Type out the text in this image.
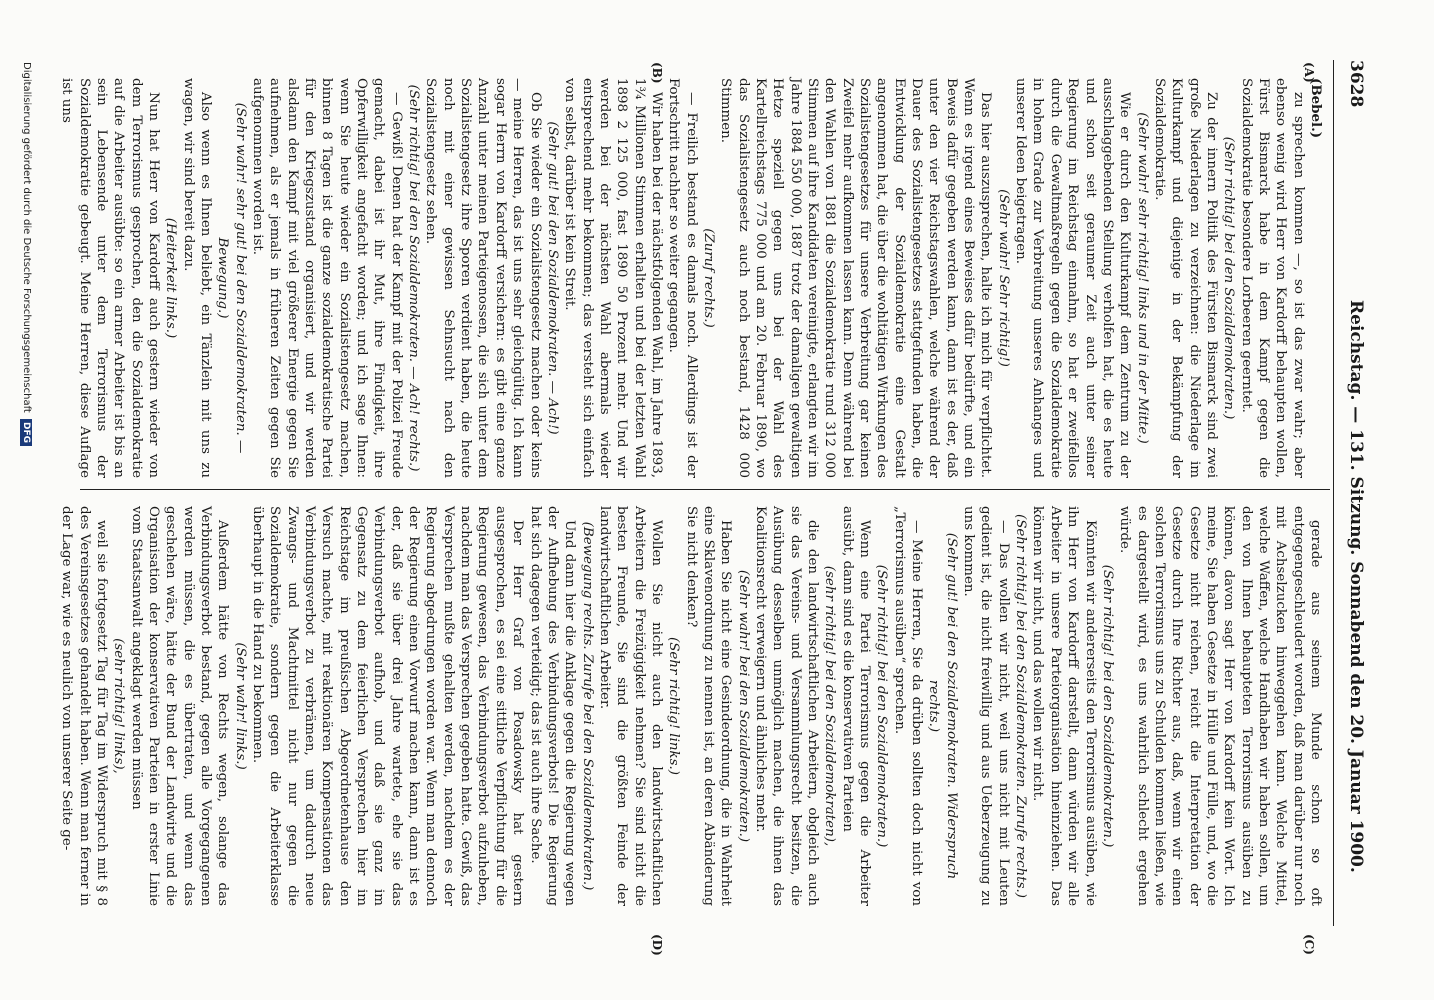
3628
Reichstag. — 131. Sitzung. Sonnabend den 20. Januar 1900.
(A)
(B)
(C)
(D)

(Bebel.)

zu sprechen kommen —, so ist das zwar wahr; aber ebenso wenig wird Herr von Kardorff behaupten wollen, Fürst Bismarck habe in dem Kampf gegen die Sozialdemokratie besondere Lorbeeren geerntet.

(Sehr richtig! bei den Sozialdemokraten.)

Zu der innern Politik des Fürsten Bismarck sind zwei große Niederlagen zu verzeichnen: die Niederlage im Kulturkampf und diejenige in der Bekämpfung der Sozialdemokratie.

(Sehr wahr! sehr richtig! links und in der Mitte.)

Wie er durch den Kulturkampf dem Zentrum zu der ausschlaggebenden Stellung verholfen hat, die es heute und schon seit geraumer Zeit auch unter seiner Regierung im Reichstag einnahm, so hat er zweifellos durch die Gewaltmaßregeln gegen die Sozialdemokratie in hohem Grade zur Verbreitung unseres Anhanges und unserer Ideen beigetragen.

(Sehr wahr! Sehr richtig!)

Das hier auszusprechen, halte ich mich für verpflichtet. Wenn es irgend eines Beweises dafür bedürfte, und ein Beweis dafür gegeben werden kann, dann ist es der, daß unter den vier Reichstagswahlen, welche während der Dauer des Sozialistengesetzes stattgefunden haben, die Entwicklung der Sozialdemokratie eine Gestalt angenommen hat, die über die wohltätigen Wirkungen des Sozialistengesetzes für unsere Verbreitung gar keinen Zweifel mehr aufkommen lassen kann. Denn während bei den Wahlen von 1881 die Sozialdemokratie rund 312 000 Stimmen auf ihre Kandidaten vereinigte, erlangten wir im Jahre 1884 550 000, 1887 trotz der damaligen gewaltigen Hetze speziell gegen uns bei der Wahl des Kartellreichstags 775 000 und am 20. Februar 1890, wo das Sozialistengesetz auch noch bestand, 1428 000 Stimmen.

(Zuruf rechts.)

— Freilich bestand es damals noch. Allerdings ist der Fortschritt nachher so weiter gegangen.

Wir haben bei der nächstfolgenden Wahl, im Jahre 1893, 1¾ Millionen Stimmen erhalten und bei der letzten Wahl 1898 2 125 000, fast 1890 50 Prozent mehr. Und wir werden bei der nächsten Wahl abermals wieder entsprechend mehr bekommen; das versteht sich einfach von selbst, darüber ist kein Streit.

(Sehr gut! bei den Sozialdemokraten. — Ach!)

Ob Sie wieder ein Sozialistengesetz machen oder keins — meine Herren, das ist uns sehr gleichgültig. Ich kann sogar Herrn von Kardorff versichern: es gibt eine ganze Anzahl unter meinen Parteigenossen, die sich unter dem Sozialistengesetz ihre Sporen verdient haben, die heute noch mit einer gewissen Sehnsucht nach den Sozialistengesetz sehen.

(Sehr richtig! bei den Sozialdemokraten. — Ach! rechts.)

— Gewiß! Denen hat der Kampf mit der Polizei Freude gemacht, dabei ist ihr Mut, ihre Findigkeit, ihre Opferwilligkeit angefacht worden; und ich sage Ihnen: wenn Sie heute wieder ein Sozialistengesetz machen, binnen 8 Tagen ist die ganze sozialdemokratische Partei für den Kriegszustand organisiert, und wir werden alsdann den Kampf mit viel größerer Energie gegen Sie aufnehmen, als er jemals in früheren Zeiten gegen Sie aufgenommen worden ist.

(Sehr wahr! sehr gut! bei den Sozialdemokraten. — Bewegung.)

Also wenn es Ihnen beliebt, ein Tänzlein mit uns zu wagen, wir sind bereit dazu.

(Heiterkeit links.)

Nun hat Herr von Kardorff auch gestern wieder von dem Terrorismus gesprochen, den die Sozialdemokratie auf die Arbeiter ausübte: so ein armer Arbeiter ist bis an sein Lebensende unter dem Terrorismus der Sozialdemokratie gebeugt. Meine Herren, diese Auflage ist uns

gerade aus seinem Munde schon so oft entgegengeschleudert worden, daß man darüber nur noch mit Achselzucken hinweggehen kann. Welche Mittel, welche Waffen, welche Handhaben wir haben sollen, um den von Ihnen behaupteten Terrorismus ausüben zu können, davon sagt Herr von Kardorff kein Wort. Ich meine, Sie haben Gesetze in Hülle und Fülle, und, wo die Gesetze nicht reichen, reicht die Interpretation der Gesetze durch Ihre Richter aus, daß, wenn wir einen solchen Terrorismus uns zu Schulden kommen ließen, wie es dargestellt wird, es uns wahrlich schlecht ergehen würde.

(Sehr richtig! bei den Sozialdemokraten.)

Könnten wir andererseits den Terrorismus ausüben, wie ihn Herr von Kardorff darstellt, dann würden wir alle Arbeiter in unsere Parteiorganisation hineinziehen. Das können wir nicht, und das wollen wir nicht.

(Sehr richtig! bei den Sozialdemokraten. Zurufe rechts.)

— Das wollen wir nicht, weil uns nicht mit Leuten gedient ist, die nicht freiwillig und aus Ueberzeugung zu uns kommen.

(Sehr gut! bei den Sozialdemokraten. Widerspruch rechts.)

— Meine Herren, Sie da drüben sollten doch nicht von „Terrorismus ausüben“ sprechen.

(Sehr richtig! bei den Sozialdemokraten.)

Wenn eine Partei Terrorismus gegen die Arbeiter ausübt, dann sind es die konservativen Parteien

(sehr richtig! bei den Sozialdemokraten),

die den landwirtschaftlichen Arbeitern, obgleich auch sie das Vereins- und Versammlungsrecht besitzen, die Ausübung desselben unmöglich machen, die ihnen das Koalitionsrecht verweigern und ähnliches mehr.

(Sehr wahr! bei den Sozialdemokraten.)

Haben Sie nicht eine Gesindeordnung, die in Wahrheit eine Sklavenordnung zu nennen ist, an deren Abänderung Sie nicht denken?

(Sehr richtig! links.)

Wollen Sie nicht auch den landwirtschaftlichen Arbeitern die Freizügigkeit nehmen? Sie sind nicht die besten Freunde, Sie sind die größten Feinde der landwirtschaftlichen Arbeiter.

(Bewegung rechts. Zurufe bei den Sozialdemokraten.)

Und dann hier die Anklage gegen die Regierung wegen der Aufhebung des Verbindungsverbots! Die Regierung hat sich dagegen verteidigt; das ist auch ihre Sache.

Der Herr Graf von Posadowsky hat gestern ausgesprochen, es sei eine sittliche Verpflichtung für die Regierung gewesen, das Verbindungsverbot aufzuheben, nachdem man das Versprechen gegeben hatte. Gewiß, das Versprechen mußte gehalten werden, nachdem es der Regierung abgedrungen worden war. Wenn man dennoch der Regierung einen Vorwurf machen kann, dann ist es der, daß sie über drei Jahre wartete, ehe sie das Verbindungsverbot aufhob, und daß sie ganz im Gegensatz zu dem feierlichen Versprechen hier im Reichstage im preußischen Abgeordnetenhause den Versuch machte, mit reaktionären Kompensationen das Verbindungsverbot zu verbrämen, um dadurch neue Zwangs- und Machtmittel nicht nur gegen die Sozialdemokratie, sondern gegen die Arbeiterklasse überhaupt in die Hand zu bekommen.

(Sehr wahr! links.)

Außerdem hätte von Rechts wegen, solange das Verbindungsverbot bestand, gegen alle Vorgegangenen werden müssen, die es übertraten, und wenn das geschehen wäre, hätte der Bund der Landwirte und die Organisation der konservativen Parteien in erster Linie vom Staatsanwalt angeklagt werden müssen

(sehr richtig! links),

weil sie fortgesetzt Tag für Tag im Widerspruch mit § 8 des Vereinsgesetzes gehandelt haben. Wenn man ferner in der Lage war, wie es neulich von unserer Seite ge-

Digitalisierung gefördert durch die Deutsche Forschungsgemeinschaft DFG
